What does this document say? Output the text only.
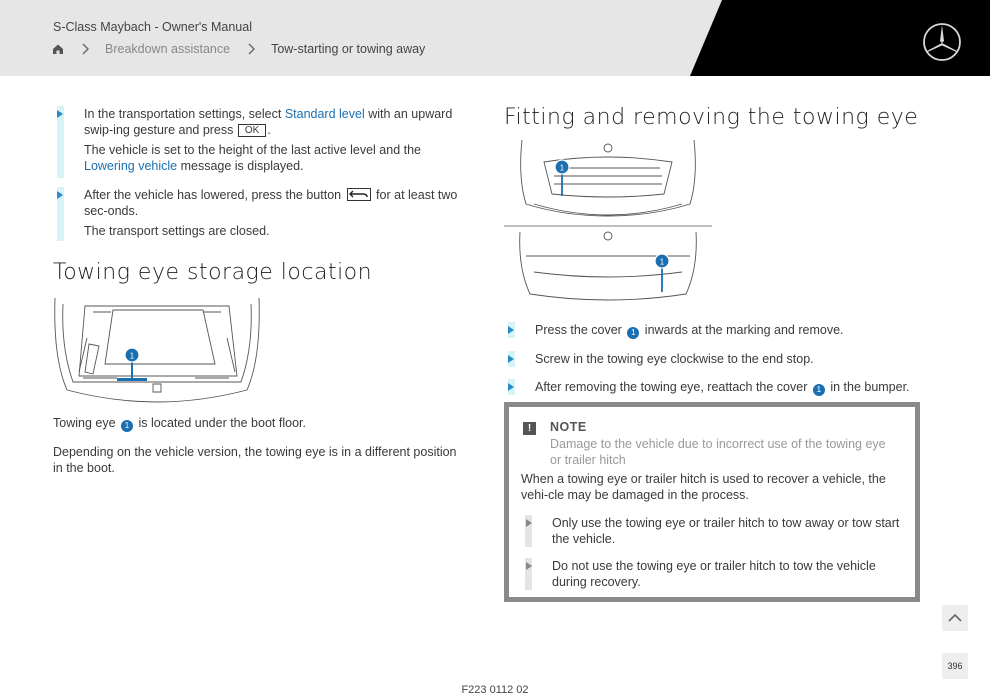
S-Class Maybach - Owner's Manual
Breakdown assistance	Tow-starting or towing away
In the transportation settings, select Standard level with an upward swip-ing gesture and press OK .
The vehicle is set to the height of the last active level and the Lowering vehicle message is displayed.
After the vehicle has lowered, press the button
for at least two sec-onds.
The transport settings are closed.
Towing eye storage location
1
Towing eye 1 is located under the boot floor.
Depending on the vehicle version, the towing eye is in a different position in the boot.
Fitting and removing the towing eye
1
1
Press the cover 1 inwards at the marking and remove.
Screw in the towing eye clockwise to the end stop.
After removing the towing eye, reattach the cover 1 in the bumper.
!	NOTE
Damage to the vehicle due to incorrect use of the towing eye or trailer hitch
When a towing eye or trailer hitch is used to recover a vehicle, the vehi-cle may be damaged in the process.
Only use the towing eye or trailer hitch to tow away or tow start the vehicle.
Do not use the towing eye or trailer hitch to tow the vehicle during recovery.
396
F223 0112 02
